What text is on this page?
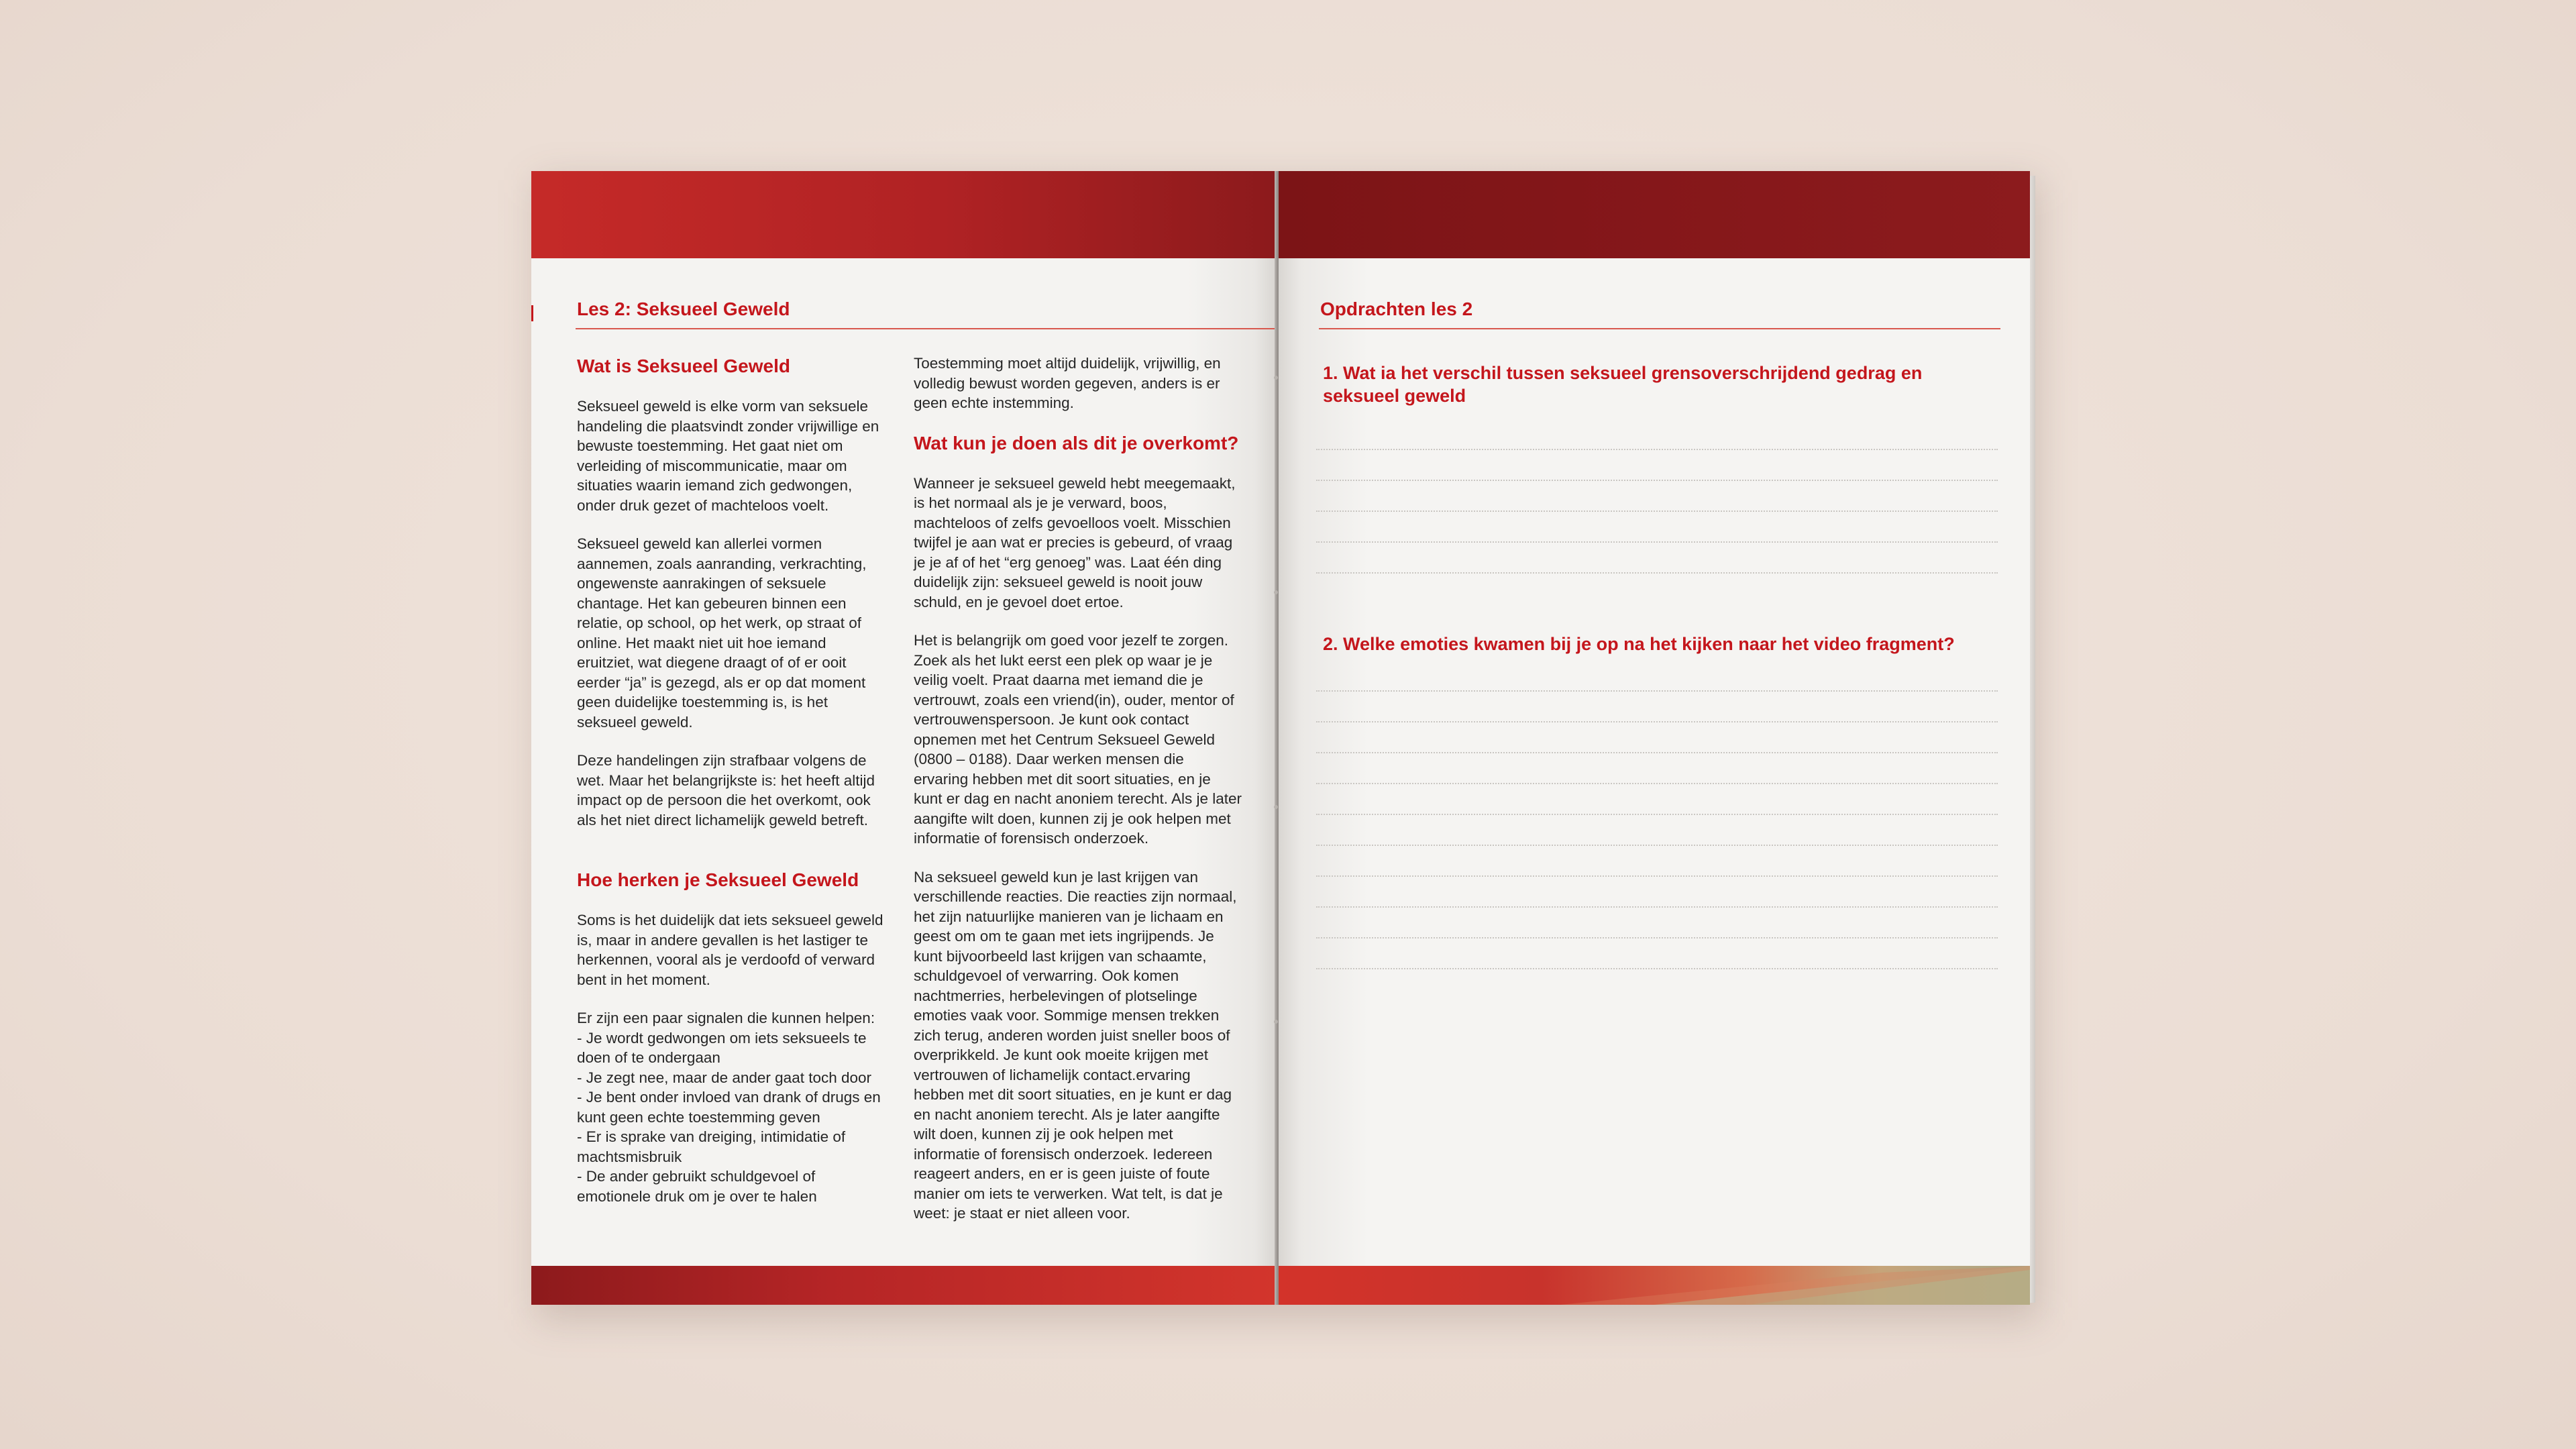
Les 2: Seksueel Geweld
Wat is Seksueel Geweld

Seksueel geweld is elke vorm van seksuele handeling die plaatsvindt zonder vrijwillige en bewuste toestemming. Het gaat niet om verleiding of miscommunicatie, maar om situaties waarin iemand zich gedwongen, onder druk gezet of machteloos voelt.

Seksueel geweld kan allerlei vormen aannemen, zoals aanranding, verkrachting, ongewenste aanrakingen of seksuele chantage. Het kan gebeuren binnen een relatie, op school, op het werk, op straat of online. Het maakt niet uit hoe iemand eruitziet, wat diegene draagt of of er ooit eerder “ja” is gezegd, als er op dat moment geen duidelijke toestemming is, is het seksueel geweld.

Deze handelingen zijn strafbaar volgens de wet. Maar het belangrijkste is: het heeft altijd impact op de persoon die het overkomt, ook als het niet direct lichamelijk geweld betreft.

Hoe herken je Seksueel Geweld

Soms is het duidelijk dat iets seksueel geweld is, maar in andere gevallen is het lastiger te herkennen, vooral als je verdoofd of verward bent in het moment.

Er zijn een paar signalen die kunnen helpen:
- Je wordt gedwongen om iets seksueels te doen of te ondergaan
- Je zegt nee, maar de ander gaat toch door
- Je bent onder invloed van drank of drugs en kunt geen echte toestemming geven
- Er is sprake van dreiging, intimidatie of machtsmisbruik
- De ander gebruikt schuldgevoel of emotionele druk om je over te halen

Toestemming moet altijd duidelijk, vrijwillig, en volledig bewust worden gegeven, anders is er geen echte instemming.

Wat kun je doen als dit je overkomt?

Wanneer je seksueel geweld hebt meegemaakt, is het normaal als je je verward, boos, machteloos of zelfs gevoelloos voelt. Misschien twijfel je aan wat er precies is gebeurd, of vraag je je af of het “erg genoeg” was. Laat één ding duidelijk zijn: seksueel geweld is nooit jouw schuld, en je gevoel doet ertoe.

Het is belangrijk om goed voor jezelf te zorgen. Zoek als het lukt eerst een plek op waar je je veilig voelt. Praat daarna met iemand die je vertrouwt, zoals een vriend(in), ouder, mentor of vertrouwenspersoon. Je kunt ook contact opnemen met het Centrum Seksueel Geweld (0800 – 0188). Daar werken mensen die ervaring hebben met dit soort situaties, en je kunt er dag en nacht anoniem terecht. Als je later aangifte wilt doen, kunnen zij je ook helpen met informatie of forensisch onderzoek.

Na seksueel geweld kun je last krijgen van verschillende reacties. Die reacties zijn normaal, het zijn natuurlijke manieren van je lichaam en geest om om te gaan met iets ingrijpends. Je kunt bijvoorbeeld last krijgen van schaamte, schuldgevoel of verwarring. Ook komen nachtmerries, herbelevingen of plotselinge emoties vaak voor. Sommige mensen trekken zich terug, anderen worden juist sneller boos of overprikkeld. Je kunt ook moeite krijgen met vertrouwen of lichamelijk contact.ervaring hebben met dit soort situaties, en je kunt er dag en nacht anoniem terecht. Als je later aangifte wilt doen, kunnen zij je ook helpen met informatie of forensisch onderzoek. Iedereen reageert anders, en er is geen juiste of foute manier om iets te verwerken. Wat telt, is dat je weet: je staat er niet alleen voor.

Opdrachten les 2
1. Wat ia het verschil tussen seksueel grensoverschrijdend gedrag en seksueel geweld
2. Welke emoties kwamen bij je op na het kijken naar het video fragment?
